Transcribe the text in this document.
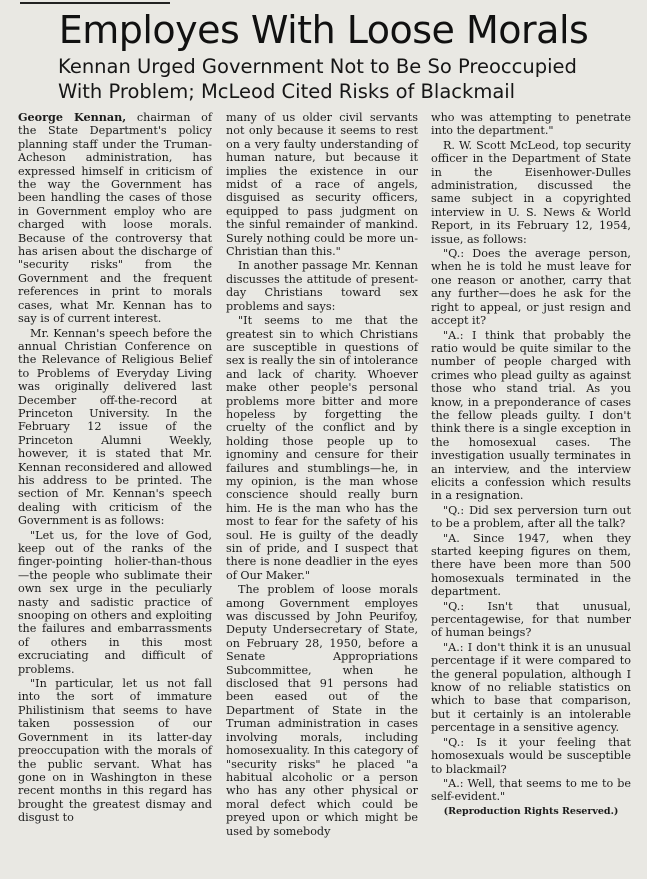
Employes With Loose Morals
Kennan Urged Government Not to Be So Preoccupied
With Problem; McLeod Cited Risks of Blackmail

George Kennan, chairman of the State Department's policy planning staff under the Truman-Acheson administration, has expressed himself in criticism of the way the Government has been handling the cases of those in Government employ who are charged with loose morals. Because of the controversy that has arisen about the discharge of "security risks" from the Government and the frequent references in print to morals cases, what Mr. Kennan has to say is of current interest.

Mr. Kennan's speech before the annual Christian Conference on the Relevance of Religious Belief to Problems of Everyday Living was originally delivered last December off-the-record at Princeton University. In the February 12 issue of the Princeton Alumni Weekly, however, it is stated that Mr. Kennan reconsidered and allowed his address to be printed. The section of Mr. Kennan's speech dealing with criticism of the Government is as follows:

"Let us, for the love of God, keep out of the ranks of the finger-pointing holier-than-thous—the people who sublimate their own sex urge in the peculiarly nasty and sadistic practice of snooping on others and exploiting the failures and embarrassments of others in this most excruciating and difficult of problems.

"In particular, let us not fall into the sort of immature Philistinism that seems to have taken possession of our Government in its latter-day preoccupation with the morals of the public servant. What has gone on in Washington in these recent months in this regard has brought the greatest dismay and disgust to

many of us older civil servants not only because it seems to rest on a very faulty understanding of human nature, but because it implies the existence in our midst of a race of angels, disguised as security officers, equipped to pass judgment on the sinful remainder of mankind. Surely nothing could be more un-Christian than this."

In another passage Mr. Kennan discusses the attitude of present-day Christians toward sex problems and says:

"It seems to me that the greatest sin to which Christians are susceptible in questions of sex is really the sin of intolerance and lack of charity. Whoever make other people's personal problems more bitter and more hopeless by forgetting the cruelty of the conflict and by holding those people up to ignominy and censure for their failures and stumblings—he, in my opinion, is the man whose conscience should really burn him. He is the man who has the most to fear for the safety of his soul. He is guilty of the deadly sin of pride, and I suspect that there is none deadlier in the eyes of Our Maker."

The problem of loose morals among Government employes was discussed by John Peurifoy, Deputy Undersecretary of State, on February 28, 1950, before a Senate Appropriations Subcommittee, when he disclosed that 91 persons had been eased out of the Department of State in the Truman administration in cases involving morals, including homosexuality. In this category of "security risks" he placed "a habitual alcoholic or a person who has any other physical or moral defect which could be preyed upon or which might be used by somebody

who was attempting to penetrate into the department."

R. W. Scott McLeod, top security officer in the Department of State in the Eisenhower-Dulles administration, discussed the same subject in a copyrighted interview in U. S. News & World Report, in its February 12, 1954, issue, as follows:

"Q.: Does the average person, when he is told he must leave for one reason or another, carry that any further—does he ask for the right to appeal, or just resign and accept it?

"A.: I think that probably the ratio would be quite similar to the number of people charged with crimes who plead guilty as against those who stand trial. As you know, in a preponderance of cases the fellow pleads guilty. I don't think there is a single exception in the homosexual cases. The investigation usually terminates in an interview, and the interview elicits a confession which results in a resignation.

"Q.: Did sex perversion turn out to be a problem, after all the talk?

"A. Since 1947, when they started keeping figures on them, there have been more than 500 homosexuals terminated in the department.

"Q.: Isn't that unusual, percentagewise, for that number of human beings?

"A.: I don't think it is an unusual percentage if it were compared to the general population, although I know of no reliable statistics on which to base that comparison, but it certainly is an intolerable percentage in a sensitive agency.

"Q.: Is it your feeling that homosexuals would be susceptible to blackmail?

"A.: Well, that seems to me to be self-evident."

(Reproduction Rights Reserved.)
